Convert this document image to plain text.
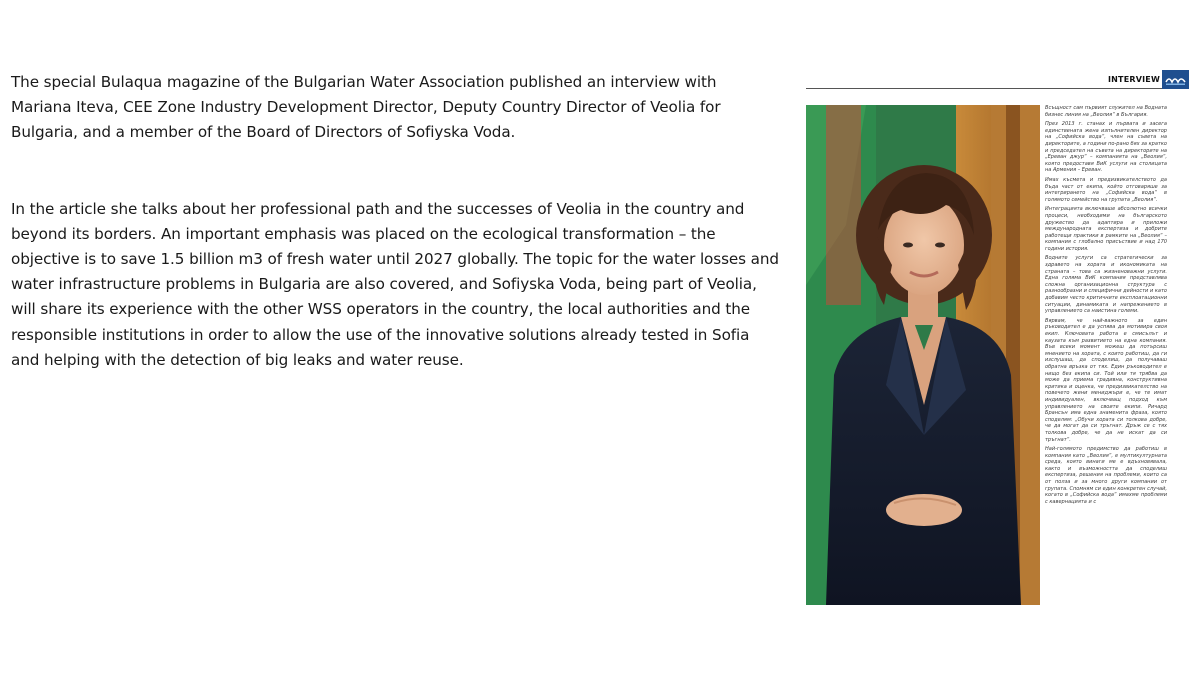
The special Bulaqua magazine of the Bulgarian Water Association published an interview with Mariana Iteva, CEE Zone Industry Development Director, Deputy Country Director of Veolia for Bulgaria, and a member of the Board of Directors of Sofiyska Voda.

In the article she talks about her professional path and the successes of Veolia in the country and beyond its borders. An important emphasis was placed on the ecological transformation – the objective is to save 1.5 billion m3 of fresh water until 2027 globally. The topic for the water losses and water infrastructure problems in Bulgaria are also covered, and Sofiyska Voda, being part of Veolia, will share its experience with the other WSS operators in the country, the local authorities and the responsible institutions in order to allow the use of the innovative solutions already tested in Sofia and helping with the detection of big leaks and water reuse.

INTERVIEW

Всъщност сам първият служител на Водната бизнес линия на „Веолия“ в България.

През 2013 г. станах и първата и засега единствената жена изпълнителен директор на „Софийска вода“, член на съвета на директорите, а години по-рано бях за кратко и председател на съвета на директорите на „Ереван джур“ – компанията на „Веолия“, която предоставя ВиК услуги на столицата на Армения – Ереван.

Имах късмета и предизвикателството да бъда част от екипа, който отговаряше за интегрирането на „Софийска вода“ в голямото семейство на групата „Веолия“.

Интеграцията включваше абсолютно всички процеси, необходими на българското дружество да адаптира и приложи международната експертиза и добрите работещи практики в рамките на „Веолия“ – компания с глобално присъствие и над 170 години история.

Водните услуги са стратегически за здравето на хората и икономиката на страната – това са жизненоважни услуги. Една голяма ВиК компания представлява сложна организационна структура с разнообразни и специфични дейности и като добавим често критичните експлоатационни ситуации, динамиката и напрежението в управлението са наистина големи.

Вярвам, че най-важното за един ръководител е да успява да мотивира своя екип. Ключовата работа е смисълът и каузата към развитието на една компания. Във всеки момент можеш да потърсиш мнението на хората, с които работиш, да ги изслушаш, да споделиш, да получаваш обратна връзка от тях. Един ръководител е нищо без екипа си. Той или тя трябва да може да приема градивна, конструктивна критика и оценка, че предизвикателство на повечето жени мениджъри е, че те имат индивидуален, включващ подход към управлението на своите екипи. Ричард Брансън има една знаменита фраза, която споделям: „Обучи хората си толкова добре, че да могат да си тръгнат. Дръж се с тях толкова добре, че да не искат да си тръгнат“.

Най-голямото предимство да работиш в компания като „Веолия“, е мултикултурната среда, която винаги ме е вдъхновявала, както и възможността да споделиш експертиза, решения на проблеми, които са от полза и за много други компании от групата. Спомням си един конкретен случай, когато в „Софийска вода“ имахме проблеми с кавернацията и с
